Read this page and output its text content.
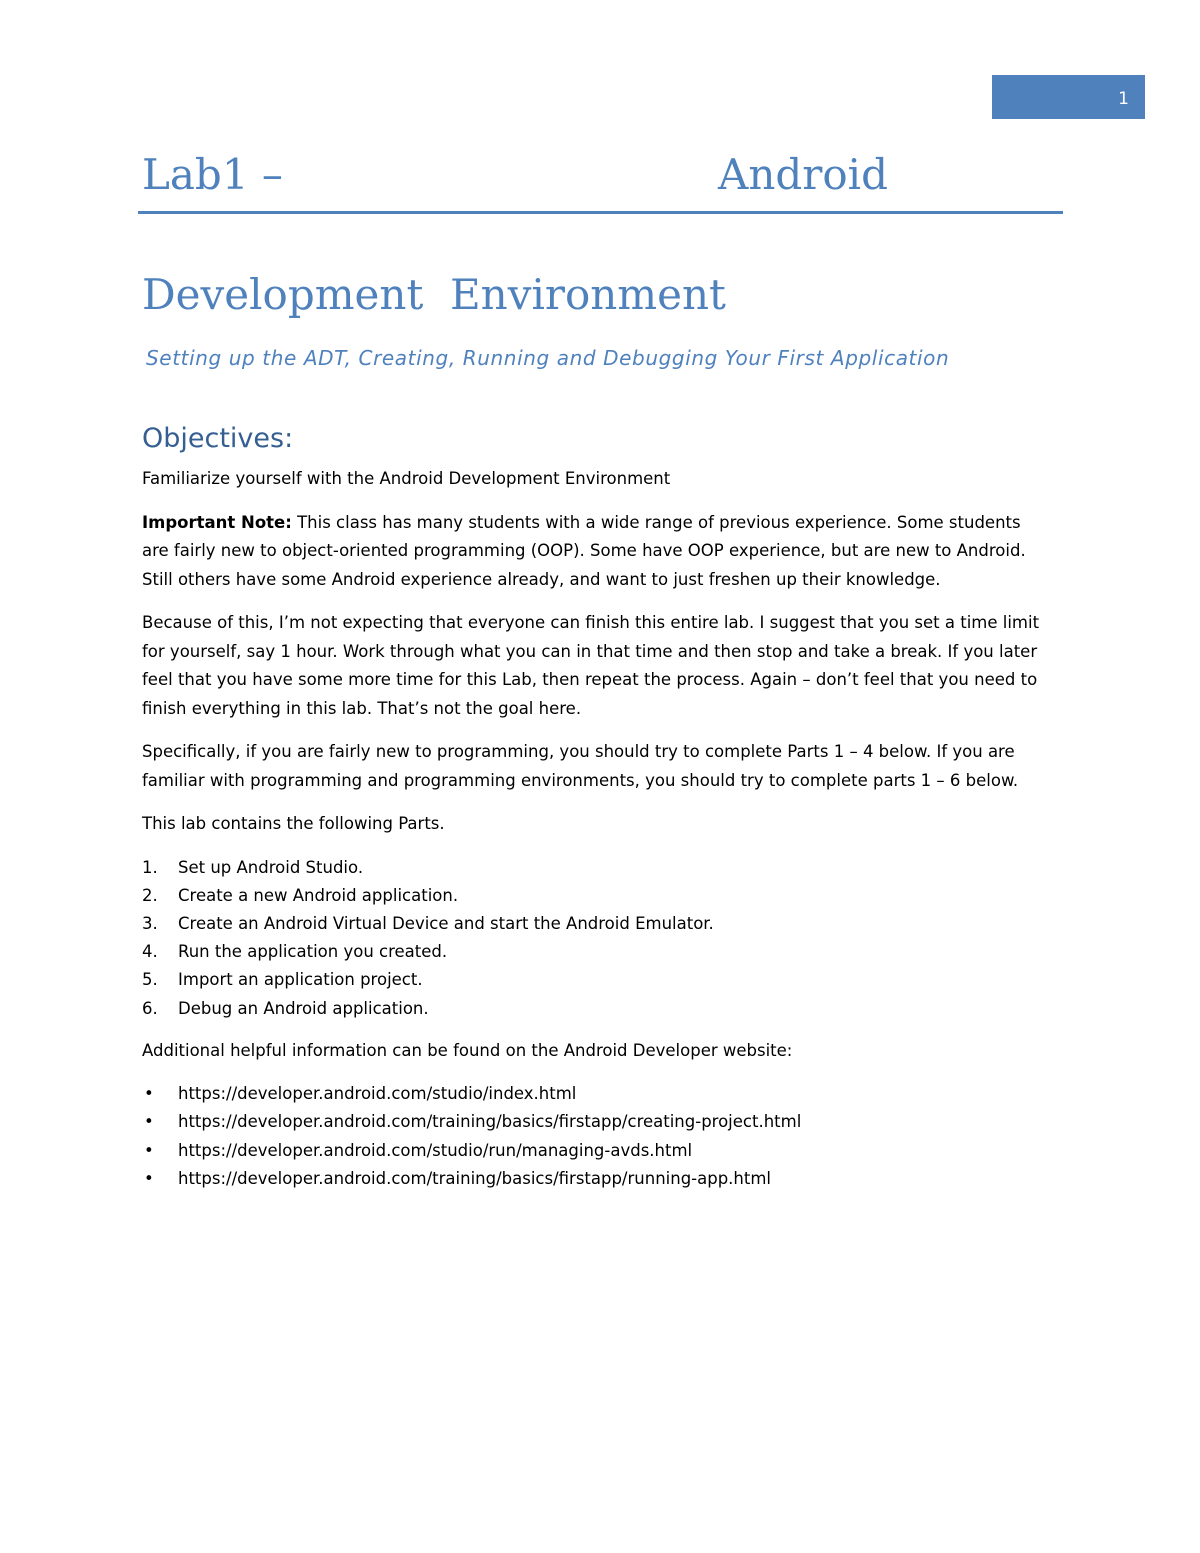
1
Lab1 –	Android
Development  Environment
Setting up the ADT, Creating, Running and Debugging Your First Application
Objectives:

Familiarize yourself with the Android Development Environment

Important Note: This class has many students with a wide range of previous experience. Some students are fairly new to object-oriented programming (OOP). Some have OOP experience, but are new to Android. Still others have some Android experience already, and want to just freshen up their knowledge.

Because of this, I’m not expecting that everyone can finish this entire lab. I suggest that you set a time limit for yourself, say 1 hour. Work through what you can in that time and then stop and take a break. If you later feel that you have some more time for this Lab, then repeat the process. Again – don’t feel that you need to finish everything in this lab. That’s not the goal here.

Specifically, if you are fairly new to programming, you should try to complete Parts 1 – 4 below. If you are familiar with programming and programming environments, you should try to complete parts 1 – 6 below.

This lab contains the following Parts.

1. Set up Android Studio.
2. Create a new Android application.
3. Create an Android Virtual Device and start the Android Emulator.
4. Run the application you created.
5. Import an application project.
6. Debug an Android application.

Additional helpful information can be found on the Android Developer website:

• https://developer.android.com/studio/index.html
• https://developer.android.com/training/basics/firstapp/creating-project.html
• https://developer.android.com/studio/run/managing-avds.html
• https://developer.android.com/training/basics/firstapp/running-app.html
